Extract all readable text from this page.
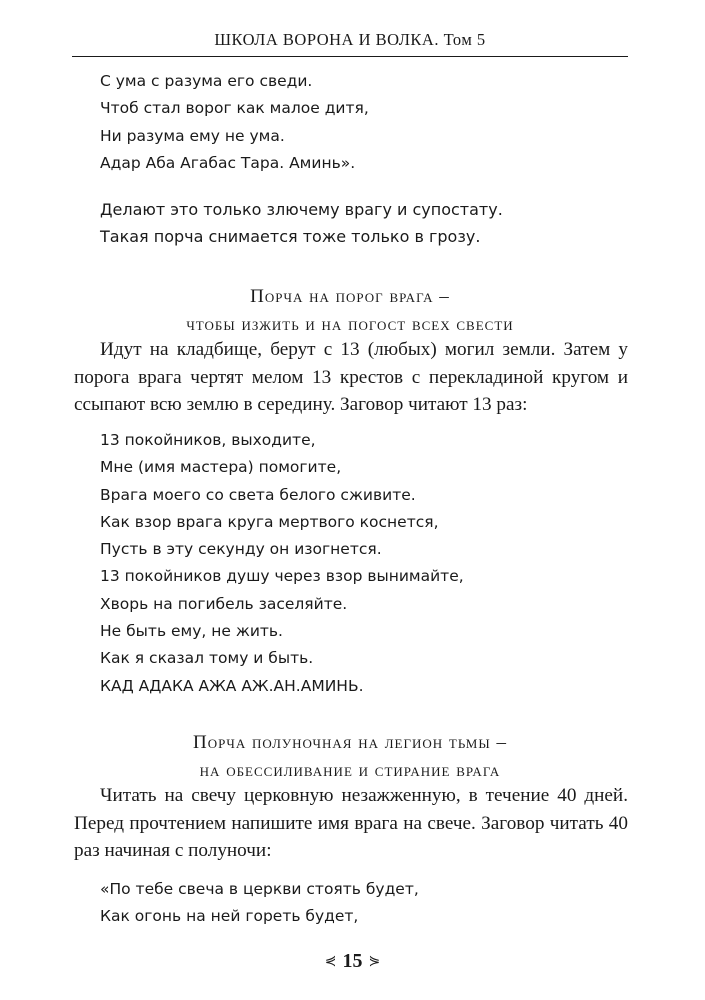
ШКОЛА ВОРОНА И ВОЛКА. Том 5
С ума с разума его сведи.
Чтоб стал ворог как малое дитя,
Ни разума ему не ума.
Адар Аба Агабас Тара. Аминь».
Делают это только злючему врагу и супостату.
Такая порча снимается тоже только в грозу.
Порча на порог врага –
чтобы изжить и на погост всех свести
Идут на кладбище, берут с 13 (любых) могил земли. Затем у порога врага чертят мелом 13 крестов с перекладиной кругом и ссыпают всю землю в середину. Заговор читают 13 раз:
13 покойников, выходите,
Мне (имя мастера) помогите,
Врага моего со света белого сживите.
Как взор врага круга мертвого коснется,
Пусть в эту секунду он изогнется.
13 покойников душу через взор вынимайте,
Хворь на погибель заселяйте.
Не быть ему, не жить.
Как я сказал тому и быть.
КАД АДАКА АЖА АЖ.АН.АМИНЬ.
Порча полуночная на легион тьмы –
на обессиливание и стирание врага
Читать на свечу церковную незажженную, в течение 40 дней. Перед прочтением напишите имя врага на свече. Заговор читать 40 раз начиная с полуночи:
«По тебе свеча в церкви стоять будет,
Как огонь на ней гореть будет,
⋞ 15 ⋟
